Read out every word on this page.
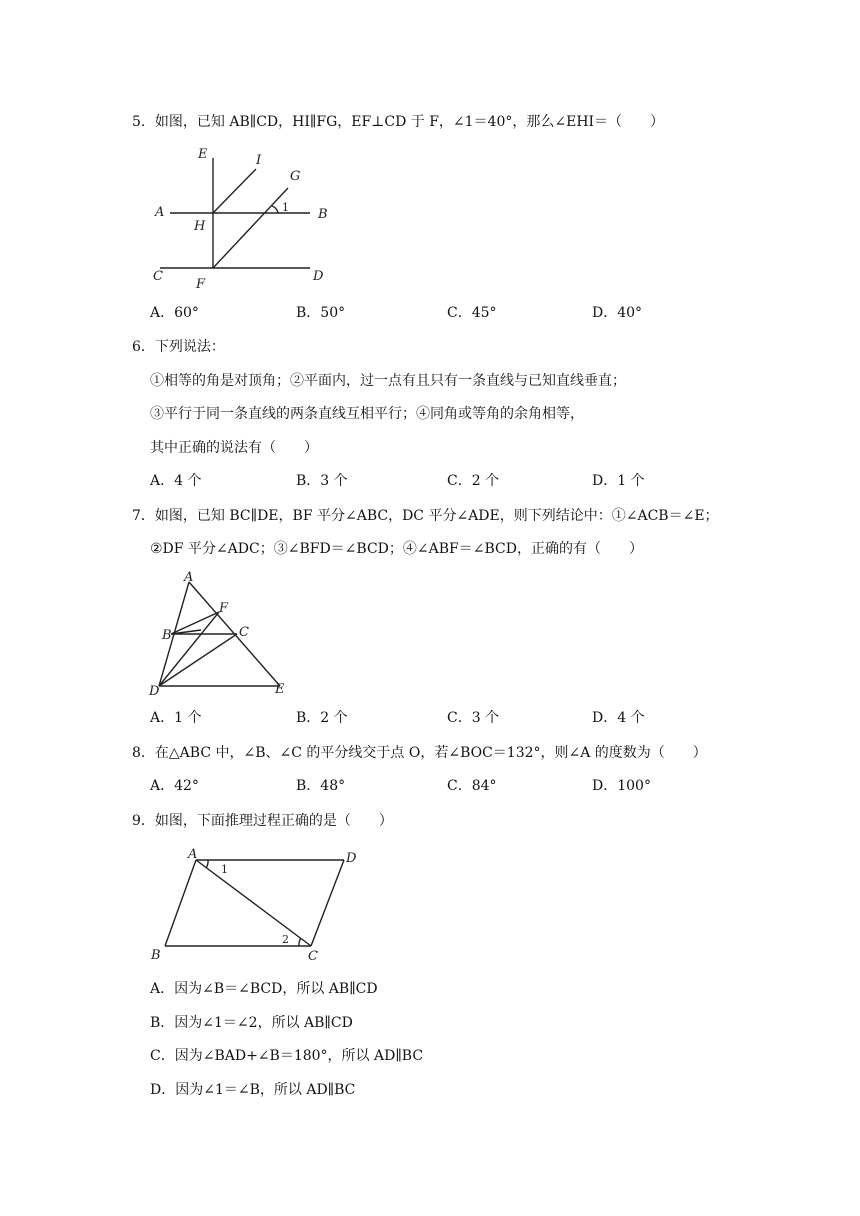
5．如图，已知 AB∥CD，HI∥FG，EF⊥CD 于 F，∠1＝40°，那么∠EHI＝（　　）
E	I
G
A	B
H
1
C	D
F
A．60°	B．50°	C．45°	D．40°
6．下列说法：
①相等的角是对顶角；②平面内，过一点有且只有一条直线与已知直线垂直；
③平行于同一条直线的两条直线互相平行；④同角或等角的余角相等，
其中正确的说法有（　　）
A．4 个	B．3 个	C．2 个	D．1 个
7．如图，已知 BC∥DE，BF 平分∠ABC，DC 平分∠ADE，则下列结论中：①∠ACB＝∠E；
②DF 平分∠ADC；③∠BFD＝∠BCD；④∠ABF＝∠BCD，正确的有（　　）
A
F
B	C
D	E
A．1 个	B．2 个	C．3 个	D．4 个
8．在△ABC 中，∠B、∠C 的平分线交于点 O，若∠BOC＝132°，则∠A 的度数为（　　）
A．42°	B．48°	C．84°	D．100°
9．如图，下面推理过程正确的是（　　）
A	D
1
2
B	C
A．因为∠B＝∠BCD，所以 AB∥CD
B．因为∠1＝∠2，所以 AB∥CD
C．因为∠BAD+∠B＝180°，所以 AD∥BC
D．因为∠1＝∠B，所以 AD∥BC
